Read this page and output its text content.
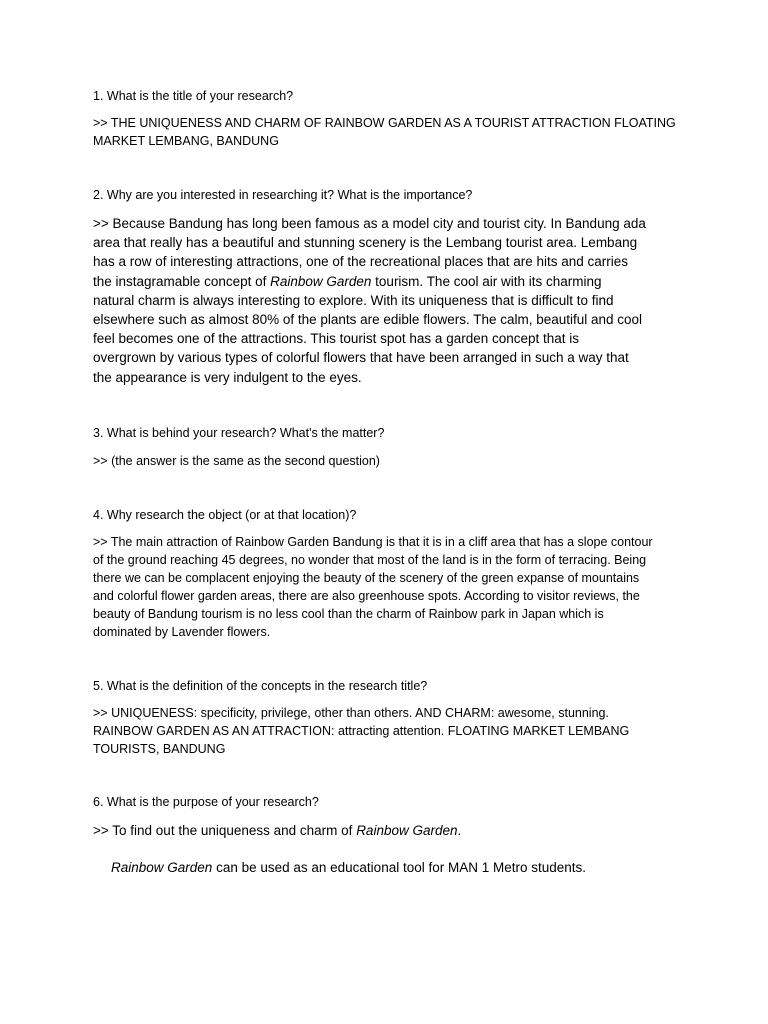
1. What is the title of your research?

>> THE UNIQUENESS AND CHARM OF RAINBOW GARDEN AS A TOURIST ATTRACTION FLOATING
MARKET LEMBANG, BANDUNG

2. Why are you interested in researching it? What is the importance?

>> Because Bandung has long been famous as a model city and tourist city. In Bandung ada
area that really has a beautiful and stunning scenery is the Lembang tourist area. Lembang
has a row of interesting attractions, one of the recreational places that are hits and carries
the instagramable concept of Rainbow Garden tourism. The cool air with its charming
natural charm is always interesting to explore. With its uniqueness that is difficult to find
elsewhere such as almost 80% of the plants are edible flowers. The calm, beautiful and cool
feel becomes one of the attractions. This tourist spot has a garden concept that is
overgrown by various types of colorful flowers that have been arranged in such a way that
the appearance is very indulgent to the eyes.

3. What is behind your research? What's the matter?

>> (the answer is the same as the second question)

4. Why research the object (or at that location)?

>> The main attraction of Rainbow Garden Bandung is that it is in a cliff area that has a slope contour
of the ground reaching 45 degrees, no wonder that most of the land is in the form of terracing. Being
there we can be complacent enjoying the beauty of the scenery of the green expanse of mountains
and colorful flower garden areas, there are also greenhouse spots. According to visitor reviews, the
beauty of Bandung tourism is no less cool than the charm of Rainbow park in Japan which is
dominated by Lavender flowers.

5. What is the definition of the concepts in the research title?

>> UNIQUENESS: specificity, privilege, other than others. AND CHARM: awesome, stunning.
RAINBOW GARDEN AS AN ATTRACTION: attracting attention. FLOATING MARKET LEMBANG
TOURISTS, BANDUNG

6. What is the purpose of your research?

>> To find out the uniqueness and charm of Rainbow Garden.

Rainbow Garden can be used as an educational tool for MAN 1 Metro students.
